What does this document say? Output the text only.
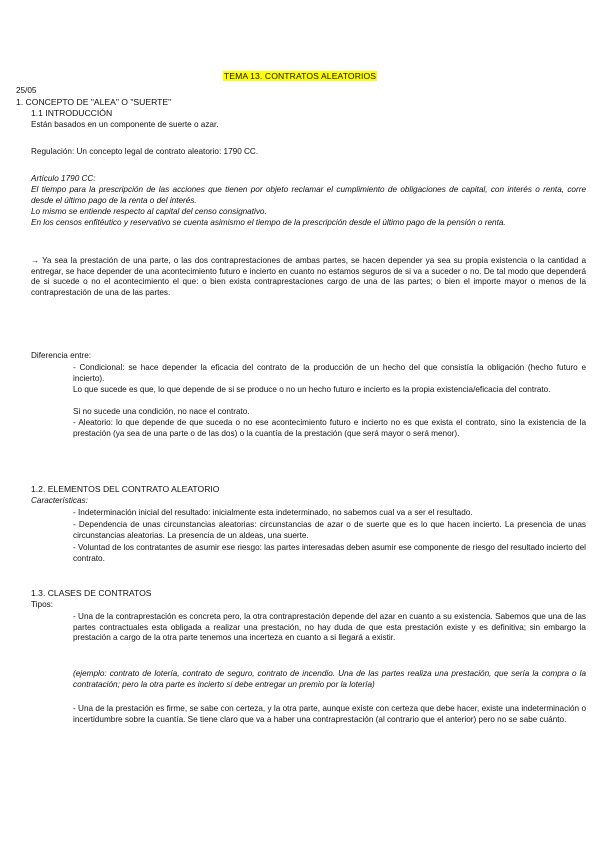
TEMA 13. CONTRATOS ALEATORIOS
25/05
1. CONCEPTO DE "ALEA" O "SUERTE"
1.1 INTRODUCCIÓN
Están basados en un componente de suerte o azar.
Regulación: Un concepto legal de contrato aleatorio: 1790 CC.
Artículo 1790 CC:
El tiempo para la prescripción de las acciones que tienen por objeto reclamar el cumplimiento de obligaciones de capital, con interés o renta, corre desde el último pago de la renta o del interés.
Lo mismo se entiende respecto al capital del censo consignativo.
En los censos enfitéutico y reservativo se cuenta asimismo el tiempo de la prescripción desde el último pago de la pensión o renta.
→ Ya sea la prestación de una parte, o las dos contraprestaciones de ambas partes, se hacen depender ya sea su propia existencia o la cantidad a entregar, se hace depender de una acontecimiento futuro e incierto en cuanto no estamos seguros de si va a suceder o no. De tal modo que dependerá de si sucede o no el acontecimiento el que: o bien exista contraprestaciones cargo de una de las partes; o bien el importe mayor o menos de la contraprestación de una de las partes.
Diferencia entre:
- Condicional: se hace depender la eficacia del contrato de la producción de un hecho del que consistía la obligación (hecho futuro e incierto).
Lo que sucede es que, lo que depende de si se produce o no un hecho futuro e incierto es la propia existencia/eficacia del contrato.
Si no sucede una condición, no nace el contrato.
- Aleatorio: lo que depende de que suceda o no ese acontecimiento futuro e incierto no es que exista el contrato, sino la existencia de la prestación (ya sea de una parte o de las dos) o la cuantía de la prestación (que será mayor o será menor).
1.2. ELEMENTOS DEL CONTRATO ALEATORIO
Características:
- Indeterminación inicial del resultado: inicialmente esta indeterminado, no sabemos cual va a ser el resultado.
- Dependencia de unas circunstancias aleatorias: circunstancias de azar o de suerte que es lo que hacen incierto. La presencia de unas circunstancias aleatorias. La presencia de un aldeas, una suerte.
- Voluntad de los contratantes de asumir ese riesgo: las partes interesadas deben asumir ese componente de riesgo del resultado incierto del contrato.
1.3. CLASES DE CONTRATOS
Tipos:
- Una de la contraprestación es concreta pero, la otra contraprestación depende del azar en cuanto a su existencia. Sabemos que una de las partes contractuales esta obligada a realizar una prestación, no hay duda de que esta prestación existe y es definitiva; sin embargo la prestación a cargo de la otra parte tenemos una incerteza en cuanto a si llegará a existir.
(ejemplo: contrato de lotería, contrato de seguro, contrato de incendio. Una de las partes realiza una prestación, que sería la compra o la contratación; pero la otra parte es incierto si debe entregar un premio por la lotería)
- Una de la prestación es firme, se sabe con certeza, y la otra parte, aunque existe con certeza que debe hacer, existe una indeterminación o incertidumbre sobre la cuantía. Se tiene claro que va a haber una contraprestación (al contrario que el anterior) pero no se sabe cuánto.
